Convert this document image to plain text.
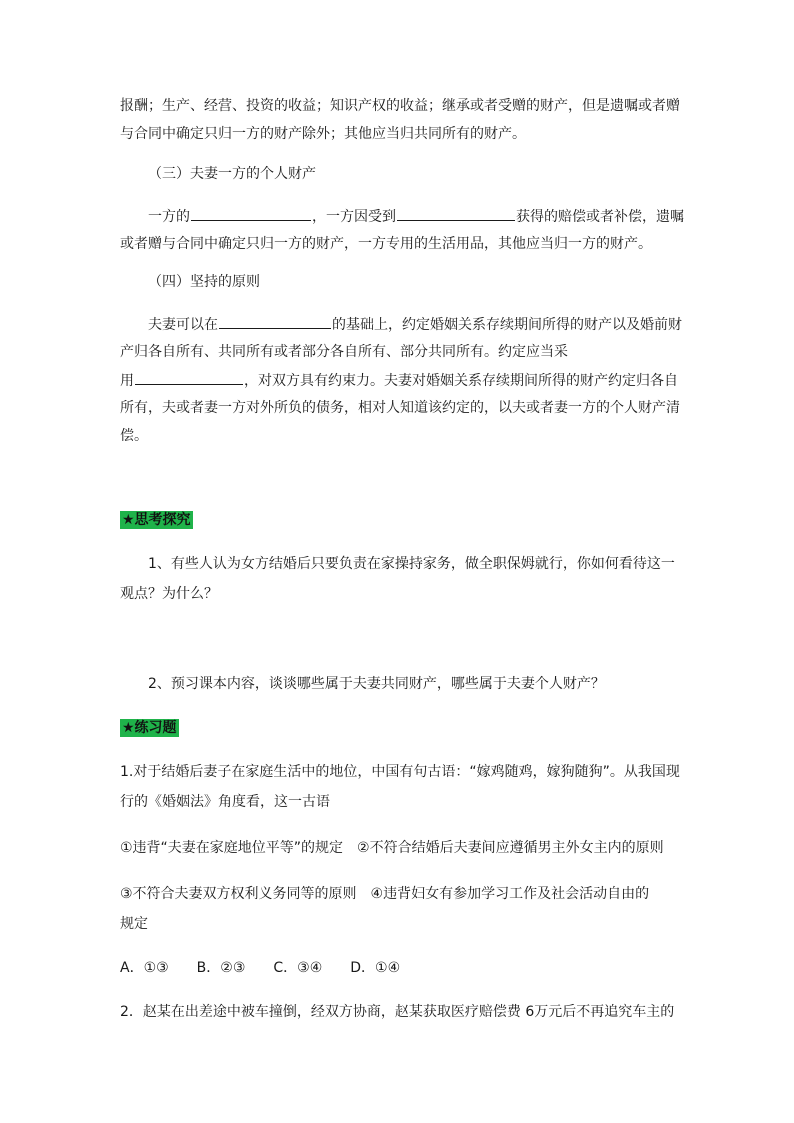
报酬；生产、经营、投资的收益；知识产权的收益；继承或者受赠的财产，但是遗嘱或者赠
与合同中确定只归一方的财产除外；其他应当归共同所有的财产。
（三）夫妻一方的个人财产
一方的	，一方因受到	获得的赔偿或者补偿，遗嘱
或者赠与合同中确定只归一方的财产，一方专用的生活用品，其他应当归一方的财产。
（四）坚持的原则
夫妻可以在	的基础上，约定婚姻关系存续期间所得的财产以及婚前财
产归各自所有、共同所有或者部分各自所有、部分共同所有。约定应当采
用	，对双方具有约束力。夫妻对婚姻关系存续期间所得的财产约定归各自
所有，夫或者妻一方对外所负的债务，相对人知道该约定的，以夫或者妻一方的个人财产清
偿。
★思考探究
1、有些人认为女方结婚后只要负责在家操持家务，做全职保姆就行，你如何看待这一
观点？为什么？
2、预习课本内容，谈谈哪些属于夫妻共同财产，哪些属于夫妻个人财产？
★练习题
1.对于结婚后妻子在家庭生活中的地位，中国有句古语：“嫁鸡随鸡，嫁狗随狗”。从我国现
行的《婚姻法》角度看，这一古语
①违背“夫妻在家庭地位平等”的规定　②不符合结婚后夫妻间应遵循男主外女主内的原则
③不符合夫妻双方权利义务同等的原则　④违背妇女有参加学习工作及社会活动自由的
规定
A．①③　　B．②③　　C．③④　　D．①④
2．赵某在出差途中被车撞倒，经双方协商，赵某获取医疗赔偿费 6万元后不再追究车主的
